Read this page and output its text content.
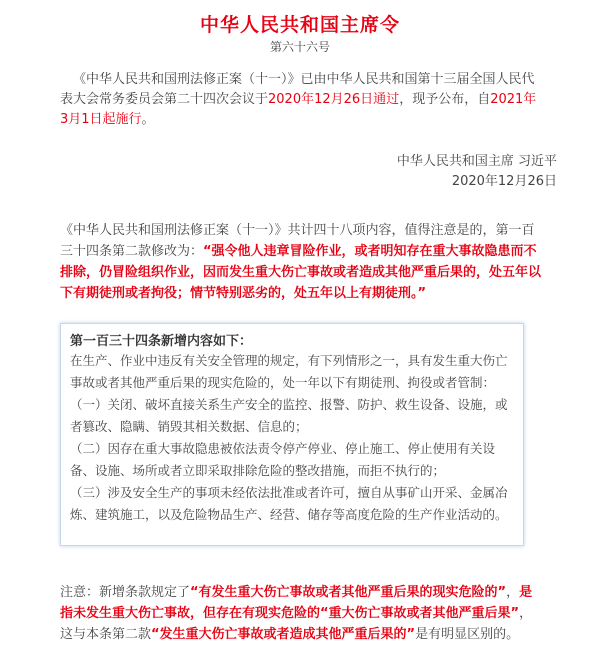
中华人民共和国主席令
第六十六号
《中华人民共和国刑法修正案（十一）》已由中华人民共和国第十三届全国人民代表大会常务委员会第二十四次会议于2020年12月26日通过，现予公布，自2021年3月1日起施行。
中华人民共和国主席 习近平
2020年12月26日
《中华人民共和国刑法修正案（十一）》共计四十八项内容，值得注意是的，第一百三十四条第二款修改为：“强令他人违章冒险作业，或者明知存在重大事故隐患而不排除，仍冒险组织作业，因而发生重大伤亡事故或者造成其他严重后果的，处五年以下有期徒刑或者拘役；情节特别恶劣的，处五年以上有期徒刑。”
第一百三十四条新增内容如下：
在生产、作业中违反有关安全管理的规定，有下列情形之一，具有发生重大伤亡事故或者其他严重后果的现实危险的，处一年以下有期徒刑、拘役或者管制：
（一）关闭、破坏直接关系生产安全的监控、报警、防护、救生设备、设施，或者篡改、隐瞒、销毁其相关数据、信息的；
（二）因存在重大事故隐患被依法责令停产停业、停止施工、停止使用有关设备、设施、场所或者立即采取排除危险的整改措施，而拒不执行的；
（三）涉及安全生产的事项未经依法批准或者许可，擅自从事矿山开采、金属冶炼、建筑施工，以及危险物品生产、经营、储存等高度危险的生产作业活动的。
注意：新增条款规定了“有发生重大伤亡事故或者其他严重后果的现实危险的”，是指未发生重大伤亡事故，但存在有现实危险的“重大伤亡事故或者其他严重后果”，这与本条第二款“发生重大伤亡事故或者造成其他严重后果的”是有明显区别的。
